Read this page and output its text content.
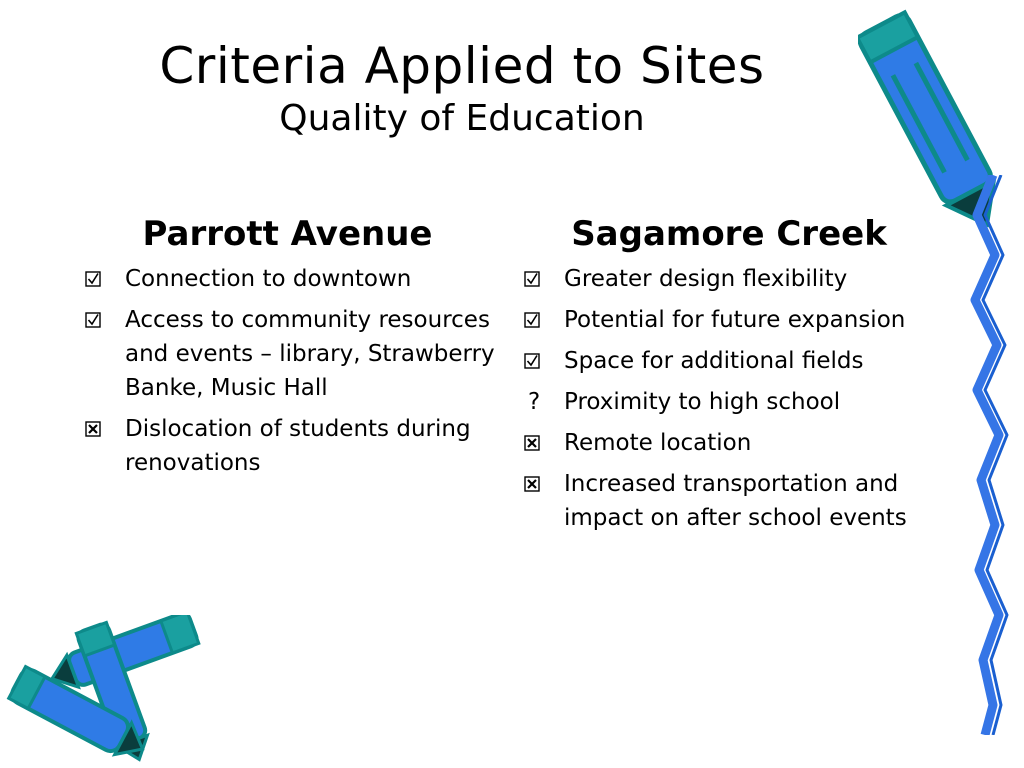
Criteria Applied to Sites
Quality of Education
Parrott Avenue
Connection to downtown
Access to community resources and events – library, Strawberry Banke, Music Hall
Dislocation of students during renovations
Sagamore Creek
Greater design flexibility
Potential for future expansion
Space for additional fields
?	Proximity to high school
Remote location
Increased transportation and impact on after school events
